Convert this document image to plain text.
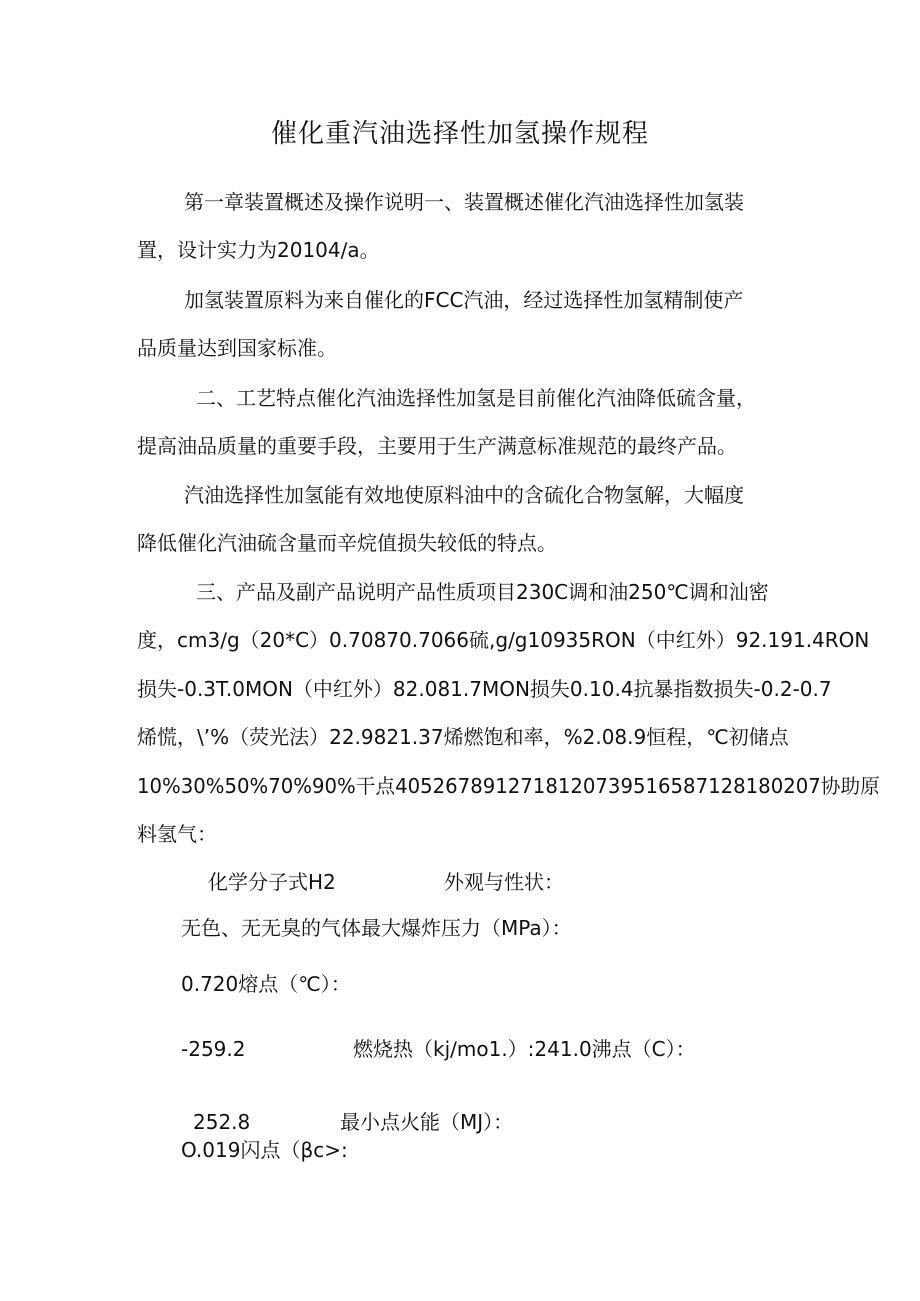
催化重汽油选择性加氢操作规程
第一章装置概述及操作说明一、装置概述催化汽油选择性加氢装
置，设计实力为20104∕a。
加氢装置原料为来自催化的FCC汽油，经过选择性加氢精制使产
品质量达到国家标准。
二、工艺特点催化汽油选择性加氢是目前催化汽油降低硫含量，
提高油品质量的重要手段，主要用于生产满意标准规范的最终产品。
汽油选择性加氢能有效地使原料油中的含硫化合物氢解，大幅度
降低催化汽油硫含量而辛烷值损失较低的特点。
三、产品及副产品说明产品性质项目230C调和油250℃调和汕密
度，cm3∕g（20*C）0.70870.7066硫,g/g10935RON（中红外）92.191.4RON
损失-0.3T.0MON（中红外）82.081.7MON损失0.10.4抗暴指数损失-0.2-0.7
烯慌，\’%（荧光法）22.9821.37烯燃饱和率，%2.08.9恒程，℃初储点
10%30%50%70%90%干点405267891271812073951658712818​0207协助原
料氢气：
化学分子式H2	外观与性状：
无色、无无臭的气体最大爆炸压力（MPa）：
0.720熔点（℃）：
-259.2	燃烧热（kj∕mo1.）:241.0沸点（C）：
252.8	最小点火能（MJ）：
O.019闪点（βc>:
